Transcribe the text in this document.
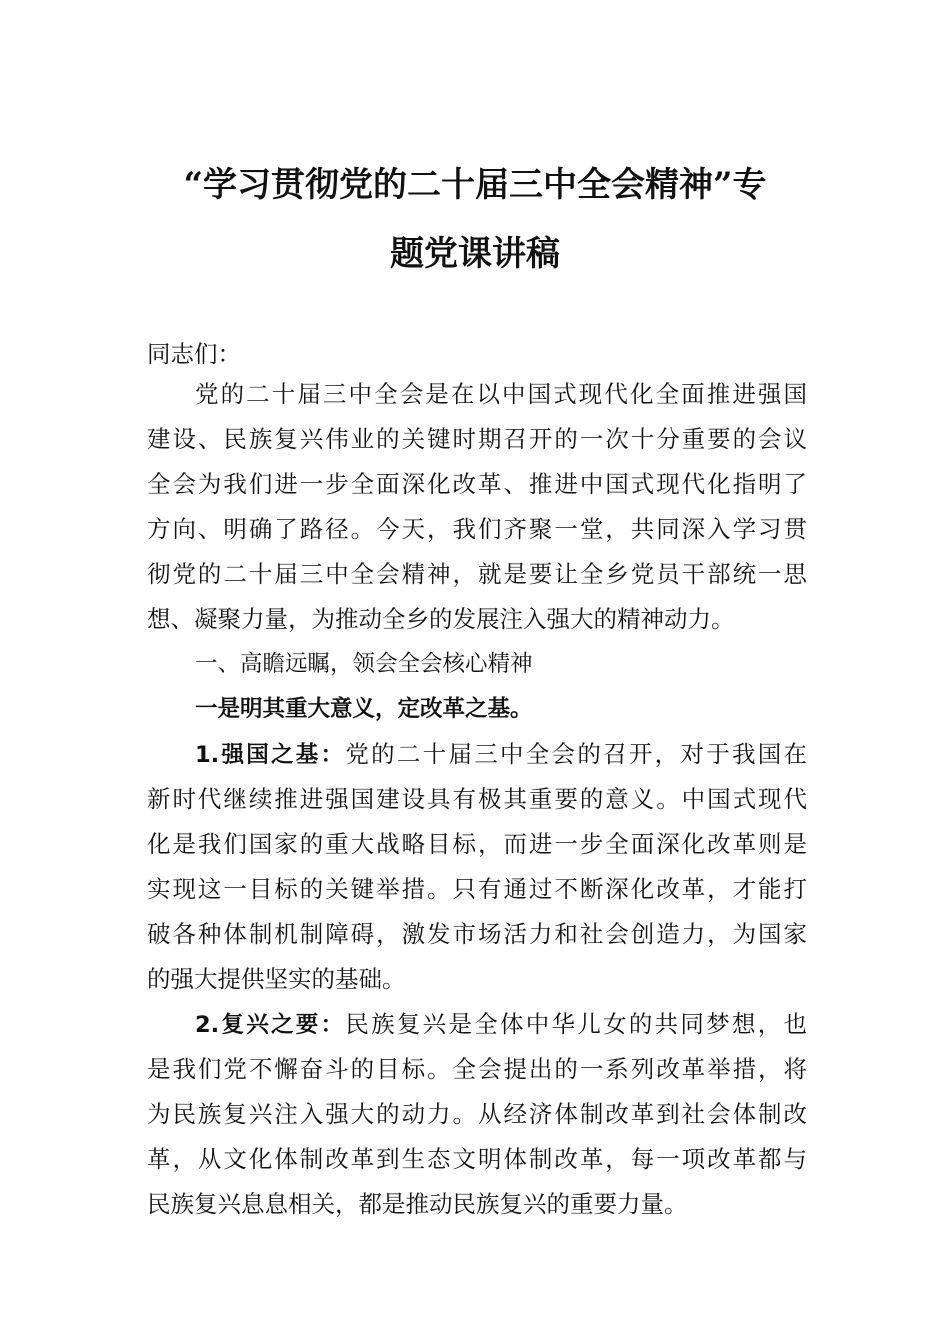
“学习贯彻党的二十届三中全会精神”专
题党课讲稿
同志们：
党的二十届三中全会是在以中国式现代化全面推进强国
建设、民族复兴伟业的关键时期召开的一次十分重要的会议
全会为我们进一步全面深化改革、推进中国式现代化指明了
方向、明确了路径。今天，我们齐聚一堂，共同深入学习贯
彻党的二十届三中全会精神，就是要让全乡党员干部统一思
想、凝聚力量，为推动全乡的发展注入强大的精神动力。
一、高瞻远瞩，领会全会核心精神
一是明其重大意义，定改革之基。
1.强国之基：党的二十届三中全会的召开，对于我国在
新时代继续推进强国建设具有极其重要的意义。中国式现代
化是我们国家的重大战略目标，而进一步全面深化改革则是
实现这一目标的关键举措。只有通过不断深化改革，才能打
破各种体制机制障碍，激发市场活力和社会创造力，为国家
的强大提供坚实的基础。
2.复兴之要：民族复兴是全体中华儿女的共同梦想，也
是我们党不懈奋斗的目标。全会提出的一系列改革举措，将
为民族复兴注入强大的动力。从经济体制改革到社会体制改
革，从文化体制改革到生态文明体制改革，每一项改革都与
民族复兴息息相关，都是推动民族复兴的重要力量。
